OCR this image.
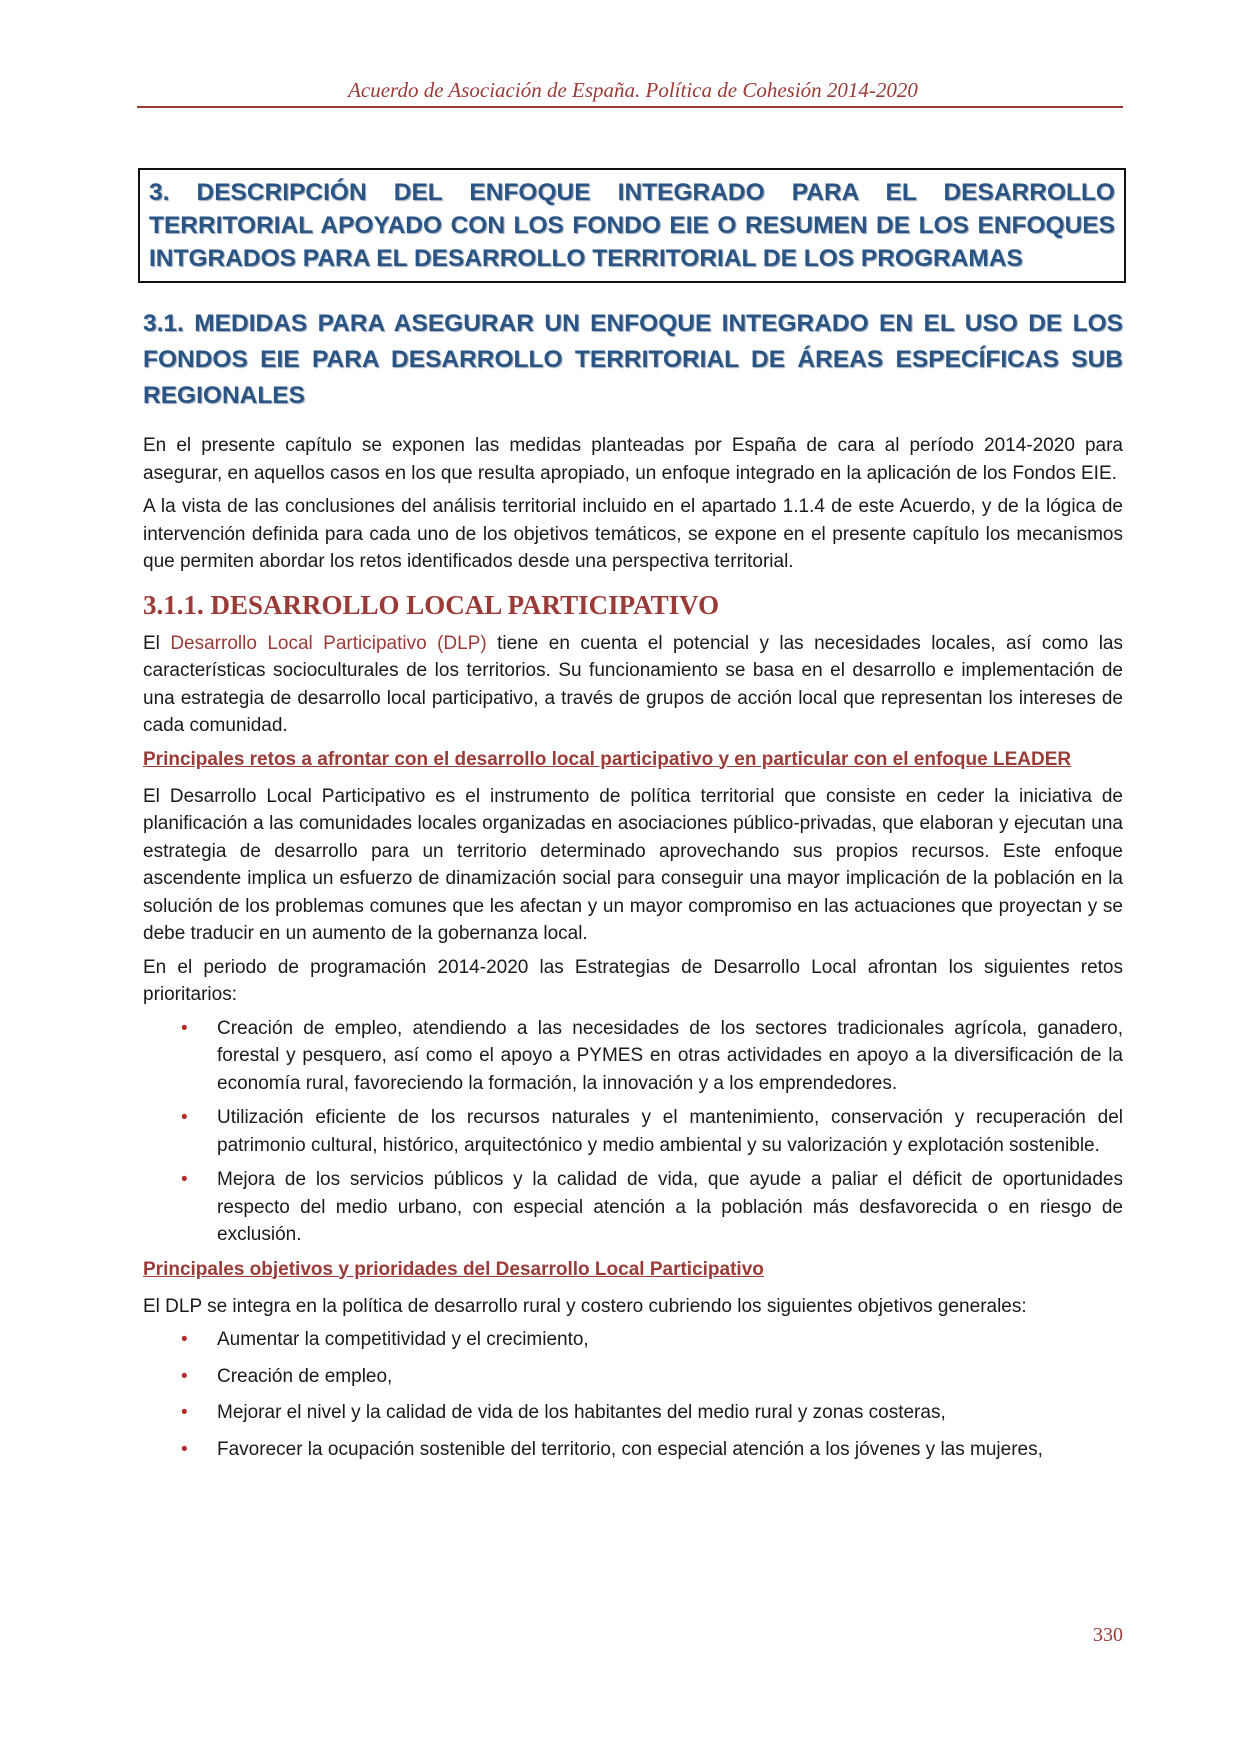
Acuerdo de Asociación de España. Política de Cohesión 2014-2020
3. DESCRIPCIÓN DEL ENFOQUE INTEGRADO PARA EL DESARROLLO TERRITORIAL APOYADO CON LOS FONDO EIE O RESUMEN DE LOS ENFOQUES INTGRADOS PARA EL DESARROLLO TERRITORIAL DE LOS PROGRAMAS
3.1. MEDIDAS PARA ASEGURAR UN ENFOQUE INTEGRADO EN EL USO DE LOS FONDOS EIE PARA DESARROLLO TERRITORIAL DE ÁREAS ESPECÍFICAS SUB REGIONALES

En el presente capítulo se exponen las medidas planteadas por España de cara al período 2014-2020 para asegurar, en aquellos casos en los que resulta apropiado, un enfoque integrado en la aplicación de los Fondos EIE.

A la vista de las conclusiones del análisis territorial incluido en el apartado 1.1.4 de este Acuerdo, y de la lógica de intervención definida para cada uno de los objetivos temáticos, se expone en el presente capítulo los mecanismos que permiten abordar los retos identificados desde una perspectiva territorial.

3.1.1. DESARROLLO LOCAL PARTICIPATIVO

El Desarrollo Local Participativo (DLP) tiene en cuenta el potencial y las necesidades locales, así como las características socioculturales de los territorios. Su funcionamiento se basa en el desarrollo e implementación de una estrategia de desarrollo local participativo, a través de grupos de acción local que representan los intereses de cada comunidad.

Principales retos a afrontar con el desarrollo local participativo y en particular con el enfoque LEADER

El Desarrollo Local Participativo es el instrumento de política territorial que consiste en ceder la iniciativa de planificación a las comunidades locales organizadas en asociaciones público-privadas, que elaboran y ejecutan una estrategia de desarrollo para un territorio determinado aprovechando sus propios recursos. Este enfoque ascendente implica un esfuerzo de dinamización social para conseguir una mayor implicación de la población en la solución de los problemas comunes que les afectan y un mayor compromiso en las actuaciones que proyectan y se debe traducir en un aumento de la gobernanza local.

En el periodo de programación 2014-2020 las Estrategias de Desarrollo Local afrontan los siguientes retos prioritarios:

• Creación de empleo, atendiendo a las necesidades de los sectores tradicionales agrícola, ganadero, forestal y pesquero, así como el apoyo a PYMES en otras actividades en apoyo a la diversificación de la economía rural, favoreciendo la formación, la innovación y a los emprendedores.
• Utilización eficiente de los recursos naturales y el mantenimiento, conservación y recuperación del patrimonio cultural, histórico, arquitectónico y medio ambiental y su valorización y explotación sostenible.
• Mejora de los servicios públicos y la calidad de vida, que ayude a paliar el déficit de oportunidades respecto del medio urbano, con especial atención a la población más desfavorecida o en riesgo de exclusión.
Principales objetivos y prioridades del Desarrollo Local Participativo

El DLP se integra en la política de desarrollo rural y costero cubriendo los siguientes objetivos generales:

• Aumentar la competitividad y el crecimiento,
• Creación de empleo,
• Mejorar el nivel y la calidad de vida de los habitantes del medio rural y zonas costeras,
• Favorecer la ocupación sostenible del territorio, con especial atención a los jóvenes y las mujeres,
330
